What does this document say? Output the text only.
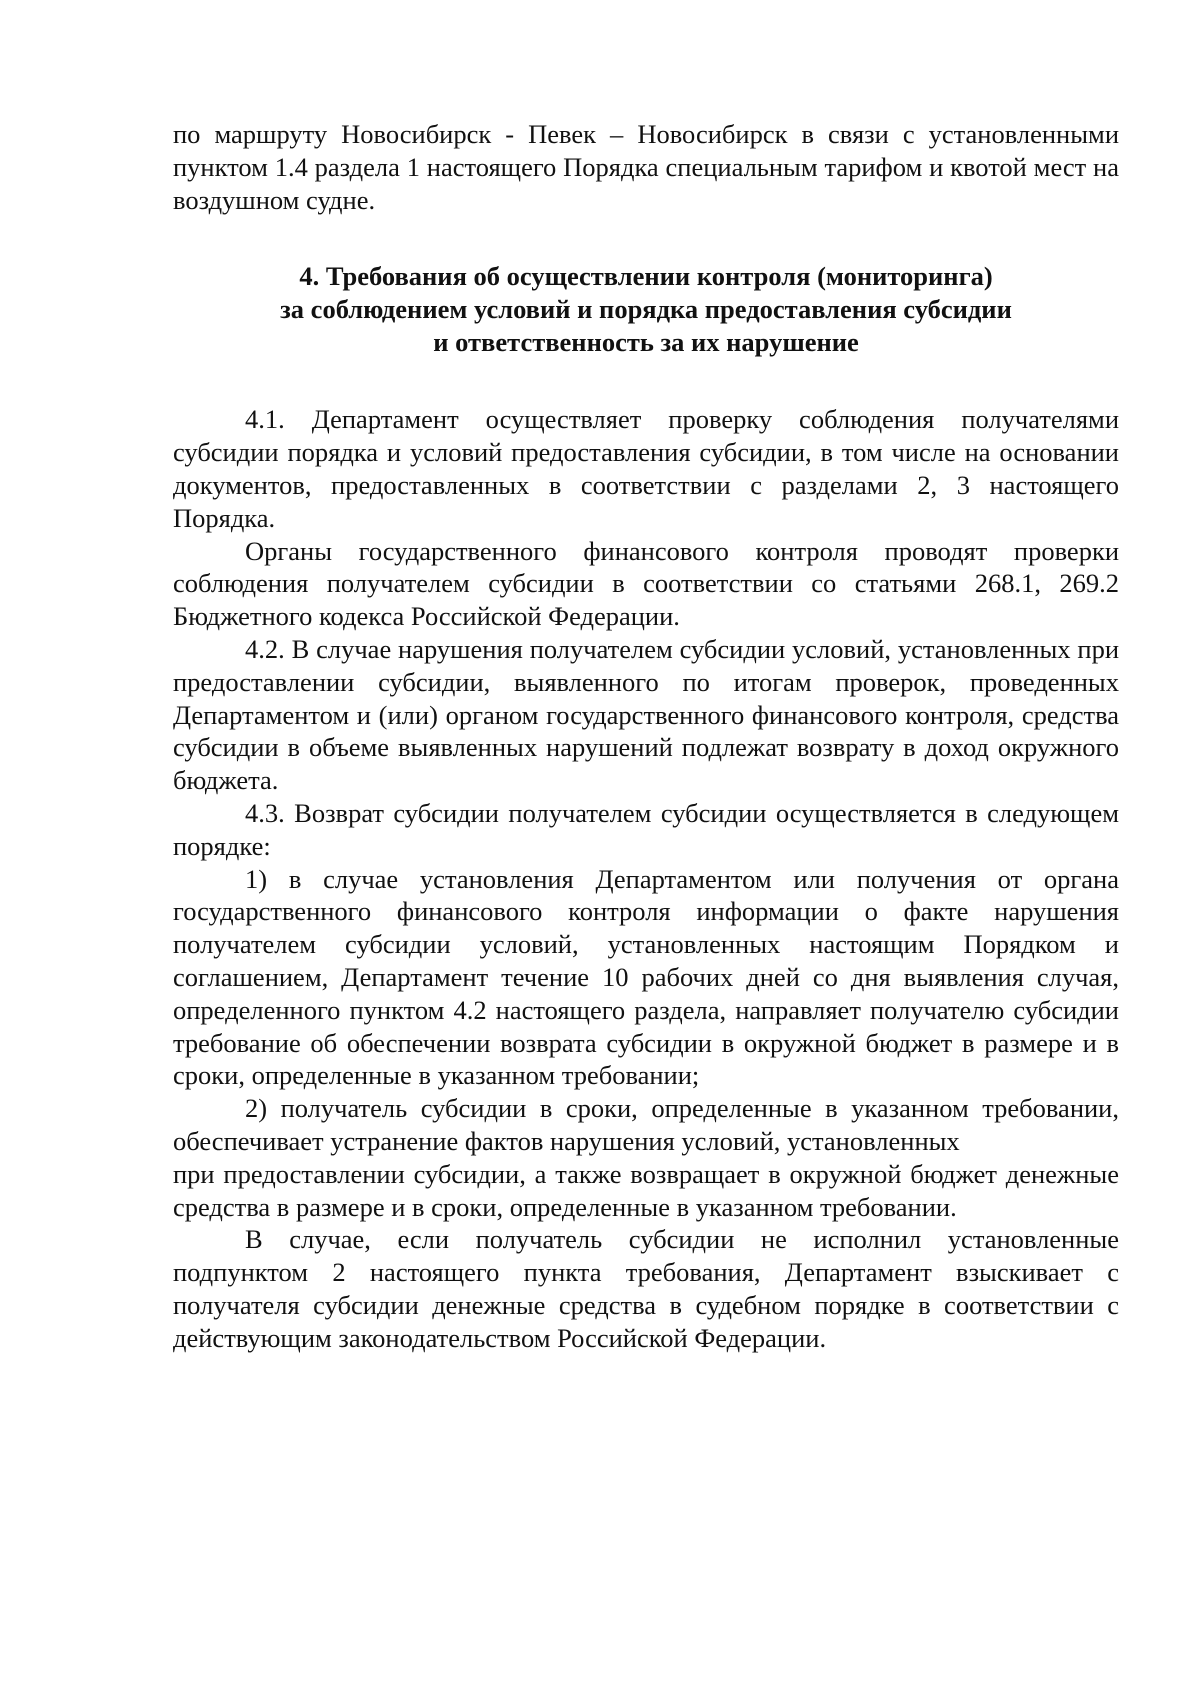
по маршруту Новосибирск - Певек – Новосибирск в связи с установленными пунктом 1.4 раздела 1 настоящего Порядка специальным тарифом и квотой мест на воздушном судне.

4. Требования об осуществлении контроля (мониторинга)
за соблюдением условий и порядка предоставления субсидии
и ответственность за их нарушение

4.1. Департамент осуществляет проверку соблюдения получателями субсидии порядка и условий предоставления субсидии, в том числе на основании документов, предоставленных в соответствии с разделами 2, 3 настоящего Порядка.

Органы государственного финансового контроля проводят проверки соблюдения получателем субсидии в соответствии со статьями 268.1, 269.2 Бюджетного кодекса Российской Федерации.

4.2. В случае нарушения получателем субсидии условий, установленных при предоставлении субсидии, выявленного по итогам проверок, проведенных Департаментом и (или) органом государственного финансового контроля, средства субсидии в объеме выявленных нарушений подлежат возврату в доход окружного бюджета.

4.3. Возврат субсидии получателем субсидии осуществляется в следующем порядке:

1) в случае установления Департаментом или получения от органа государственного финансового контроля информации о факте нарушения получателем субсидии условий, установленных настоящим Порядком и соглашением, Департамент течение 10 рабочих дней со дня выявления случая, определенного пунктом 4.2 настоящего раздела, направляет получателю субсидии требование об обеспечении возврата субсидии в окружной бюджет в размере и в сроки, определенные в указанном требовании;

2) получатель субсидии в сроки, определенные в указанном требовании, обеспечивает устранение фактов нарушения условий, установленных

при предоставлении субсидии, а также возвращает в окружной бюджет денежные средства в размере и в сроки, определенные в указанном требовании.

В случае, если получатель субсидии не исполнил установленные подпунктом 2 настоящего пункта требования, Департамент взыскивает с получателя субсидии денежные средства в судебном порядке в соответствии с действующим законодательством Российской Федерации.
